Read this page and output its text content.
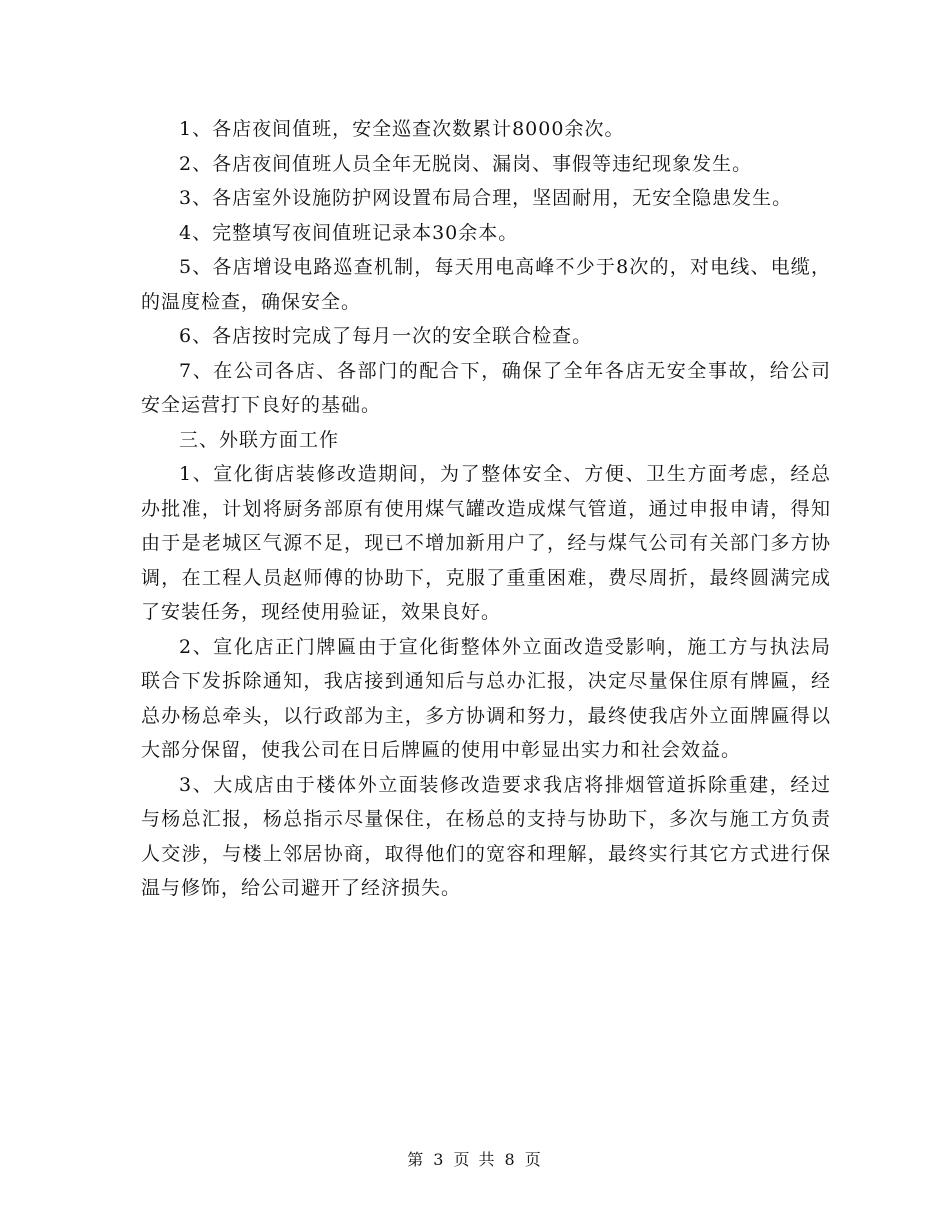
1、各店夜间值班，安全巡查次数累计8000余次。

2、各店夜间值班人员全年无脱岗、漏岗、事假等违纪现象发生。

3、各店室外设施防护网设置布局合理，坚固耐用，无安全隐患发生。

4、完整填写夜间值班记录本30余本。

5、各店增设电路巡查机制，每天用电高峰不少于8次的，对电线、电缆，的温度检查，确保安全。

6、各店按时完成了每月一次的安全联合检查。

7、在公司各店、各部门的配合下，确保了全年各店无安全事故，给公司安全运营打下良好的基础。

三、外联方面工作

1、宣化街店装修改造期间，为了整体安全、方便、卫生方面考虑，经总办批准，计划将厨务部原有使用煤气罐改造成煤气管道，通过申报申请，得知由于是老城区气源不足，现已不增加新用户了，经与煤气公司有关部门多方协调，在工程人员赵师傅的协助下，克服了重重困难，费尽周折，最终圆满完成了安装任务，现经使用验证，效果良好。

2、宣化店正门牌匾由于宣化街整体外立面改造受影响，施工方与执法局联合下发拆除通知，我店接到通知后与总办汇报，决定尽量保住原有牌匾，经总办杨总牵头，以行政部为主，多方协调和努力，最终使我店外立面牌匾得以大部分保留，使我公司在日后牌匾的使用中彰显出实力和社会效益。

3、大成店由于楼体外立面装修改造要求我店将排烟管道拆除重建，经过与杨总汇报，杨总指示尽量保住，在杨总的支持与协助下，多次与施工方负责人交涉，与楼上邻居协商，取得他们的宽容和理解，最终实行其它方式进行保温与修饰，给公司避开了经济损失。

第 3 页 共 8 页
